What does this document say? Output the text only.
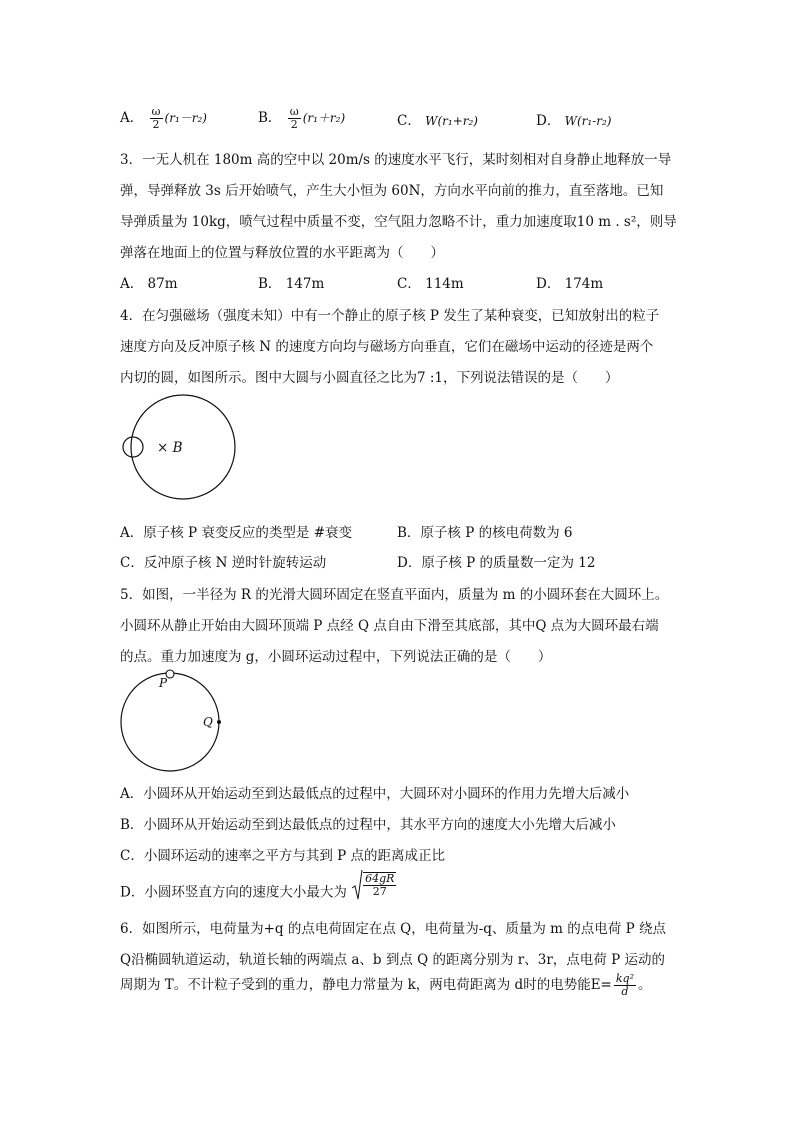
A． $\frac{\omega}{2} (r_1-r_2)$	B． $\frac{\omega}{2} (r_1+r_2)$	C． W(r₁+r₂)	D． W(r₁-r₂)
3．一无人机在 180m 高的空中以 20m/s 的速度水平飞行，某时刻相对自身静止地释放一导
弹，导弹释放 3s 后开始喷气，产生大小恒为 60N，方向水平向前的推力，直至落地。已知
导弹质量为 10kg，喷气过程中质量不变，空气阻力忽略不计，重力加速度取10 m . s²，则导
弹落在地面上的位置与释放位置的水平距离为（　　）
A． 87m	B． 147m	C． 114m	D． 174m
4．在匀强磁场（强度未知）中有一个静止的原子核 P 发生了某种衰变，已知放射出的粒子
速度方向及反冲原子核 N 的速度方向均与磁场方向垂直，它们在磁场中运动的径迹是两个
内切的圆，如图所示。图中大圆与小圆直径之比为7 :1，下列说法错误的是（　　）
× B
A．原子核 P 衰变反应的类型是 #衰变	B．原子核 P 的核电荷数为 6
C．反冲原子核 N 逆时针旋转运动	D．原子核 P 的质量数一定为 12
5．如图，一半径为 R 的光滑大圆环固定在竖直平面内，质量为 m 的小圆环套在大圆环上。
小圆环从静止开始由大圆环顶端 P 点经 Q 点自由下滑至其底部，其中Q 点为大圆环最右端
的点。重力加速度为 g，小圆环运动过程中，下列说法正确的是（　　）
P
Q
A．小圆环从开始运动至到达最低点的过程中，大圆环对小圆环的作用力先增大后减小
B．小圆环从开始运动至到达最低点的过程中，其水平方向的速度大小先增大后减小
C．小圆环运动的速率之平方与其到 P 点的距离成正比
D．小圆环竖直方向的速度大小最大为 $\frac{64gR}{27}$
6．如图所示，电荷量为+q 的点电荷固定在点 Q，电荷量为-q、质量为 m 的点电荷 P 绕点
Q沿椭圆轨道运动，轨道长轴的两端点 a、b 到点 Q 的距离分别为 r、3r，点电荷 P 运动的
周期为 T。不计粒子受到的重力，静电力常量为 k，两电荷距离为 d时的电势能$E= \frac{\text{kq²}}{d}$ 。
